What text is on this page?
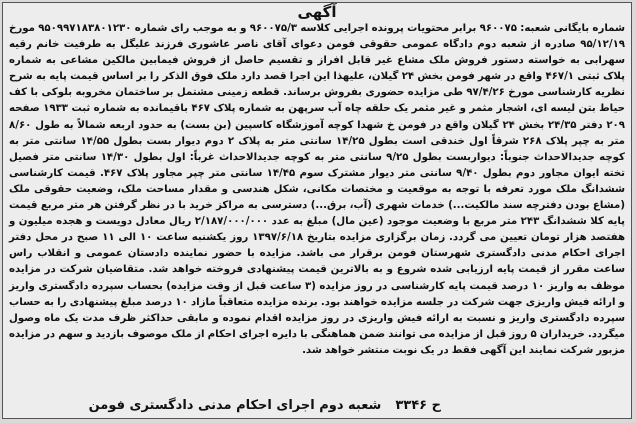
آگهی
شماره بایگانی شعبه: ۹۶۰۰۷۵ برابر محتویات پرونده اجرایی کلاسه ۹۶۰۰۷۵/۳ و به موجب رای شماره ۹۵۰۹۹۷۱۸۳۸۰۱۲۳۰ مورخ ۹۵/۱۲/۱۹ صادره از شعبه دوم دادگاه عمومی حقوقی فومن دعوای آقای ناصر عاشوری فرزند علیگل به طرفیت خانم رقیه سهرابی به خواسته دستور فروش ملک مشاع غیر قابل افراز و تقسیم حاصل از فروش فیمابین مالکین مشاعی به شماره پلاک ثبتی ۴۶۷/۱ واقع در شهر فومن بخش ۲۴ گیلان، علیهذا این اجرا قصد دارد ملک فوق الذکر را بر اساس قیمت پایه به شرح نظریه کارشناسی مورخ ۹۷/۴/۲۶ طی مزایده حضوری بفروش برساند. قطعه زمینی مشتمل بر ساختمان مخروبه بلوکی با کف حیاط بتن لیسه ای، اشجار مثمر و غیر مثمر یک حلقه چاه آب سرپهن به شماره پلاک ۴۶۷ باقیمانده به شماره ثبت ۱۹۳۳ صفحه ۲۰۹ دفتر ۲۴/۳۵ بخش ۲۴ گیلان واقع در فومن خ شهدا کوچه آموزشگاه کاسپین (بن بست) به حدود اربعه شمالاً به طول ۸/۶۰ متر به چپر پلاک ۲۶۸ شرقاً اول خندقی است بطول ۱۴/۲۵ سانتی متر به پلاک ۲ دوم دیوار بست بطول ۱۴/۵۵ سانتی متر به کوچه جدیدالاحداث جنوباً: دیواربست بطول ۹/۲۵ سانتی متر به کوچه جدیدالاحداث غرباً: اول بطول ۱۴/۳۰ سانتی متر فصیل تخته ایوان مجاور دوم بطول ۹/۴۰ سانتی متر دیوار مشترک سوم ۱۴/۴۵ سانتی متر چپر مجاور پلاک ۴۶۷. قیمت کارشناسی ششدانگ ملک مورد تعرفه با توجه به موقعیت و مختصات مکانی، شکل هندسی و مقدار مساحت ملک، وضعیت حقوقی ملک (مشاع بودن دفترچه سند مالکیت...) خدمات شهری (آب، برق...) دسترسی به مراکز خرید با در نظر گرفتن هر متر مربع قیمت پایه کلا ششدانگ ۲۴۳ متر مربع با وضعیت موجود (عین مال) مبلغ به عدد ۲/۱۸۷/۰۰۰/۰۰۰ ریال معادل دویست و هجده میلیون و هفتصد هزار تومان تعیین می گردد. زمان برگزاری مزایده بتاریخ ۱۳۹۷/۶/۱۸ روز یکشنبه ساعت ۱۰ الی ۱۱ صبح در محل دفتر اجرای احکام مدنی دادگستری شهرستان فومن برقرار می باشد. مزایده با حضور نماینده دادستان عمومی و انقلاب راس ساعت مقرر از قیمت پایه ارزیابی شده شروع و به بالاترین قیمت پیشنهادی فروخته خواهد شد. متقاضیان شرکت در مزایده موظف به واریز ۱۰ درصد قیمت پایه کارشناسی در روز مزایده (۳ ساعت قبل از وقت مزایده) بحساب سپرده دادگستری واریز و ارائه فیش واریزی جهت شرکت در جلسه مزایده خواهند بود. برنده مزایده متعاقباً مازاد ۱۰ درصد مبلغ پیشنهادی را به حساب سپرده دادگستری واریز و نسبت به ارائه فیش واریزی در روز مزایده اقدام نموده و مابقی حداکثر ظرف مدت یک ماه وصول میگردد. خریداران ۵ روز قبل از مزایده می توانند ضمن هماهنگی با دایره اجرای احکام از ملک موصوف بازدید و سهم در مزایده مزبور شرکت نمایند این آگهی فقط در یک نوبت منتشر خواهد شد.
ح ۳۳۴۶
شعبه دوم اجرای احکام مدنی دادگستری فومن
